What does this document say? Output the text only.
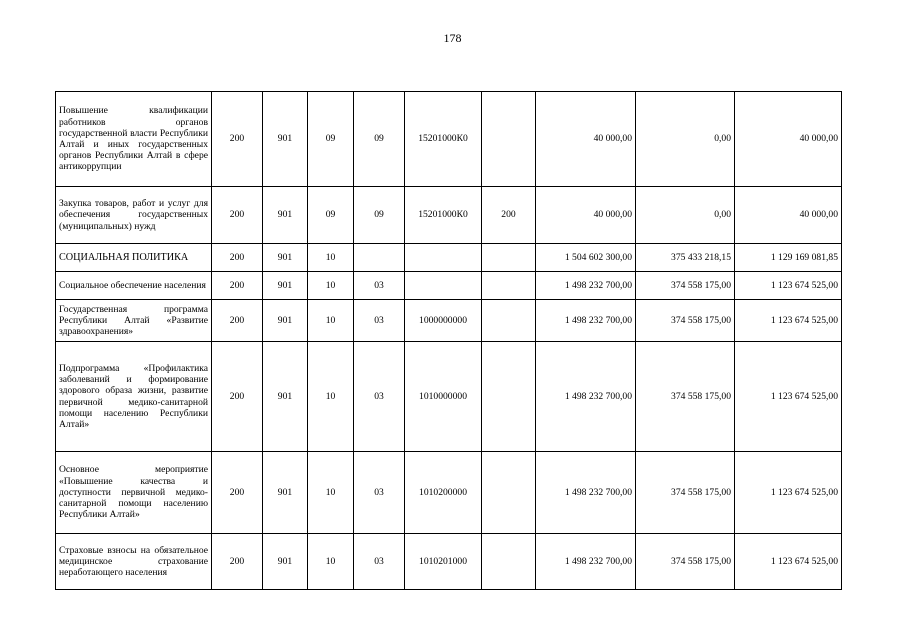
178
Повышение квалификации работников органов государственной власти Республики Алтай и иных государственных органов Республики Алтай в сфере антикоррупции	200	901	09	09	15201000К0		40 000,00	0,00	40 000,00
Закупка товаров, работ и услуг для обеспечения государственных (муниципальных) нужд	200	901	09	09	15201000К0	200	40 000,00	0,00	40 000,00
СОЦИАЛЬНАЯ ПОЛИТИКА	200	901	10				1 504 602 300,00	375 433 218,15	1 129 169 081,85
Социальное обеспечение населения	200	901	10	03			1 498 232 700,00	374 558 175,00	1 123 674 525,00
Государственная программа Республики Алтай «Развитие здравоохранения»	200	901	10	03	1000000000		1 498 232 700,00	374 558 175,00	1 123 674 525,00
Подпрограмма «Профилактика заболеваний и формирование здорового образа жизни, развитие первичной медико-санитарной помощи населению Республики Алтай»	200	901	10	03	1010000000		1 498 232 700,00	374 558 175,00	1 123 674 525,00
Основное мероприятие «Повышение качества и доступности первичной медико-санитарной помощи населению Республики Алтай»	200	901	10	03	1010200000		1 498 232 700,00	374 558 175,00	1 123 674 525,00
Страховые взносы на обязательное медицинское страхование неработающего населения	200	901	10	03	1010201000		1 498 232 700,00	374 558 175,00	1 123 674 525,00
